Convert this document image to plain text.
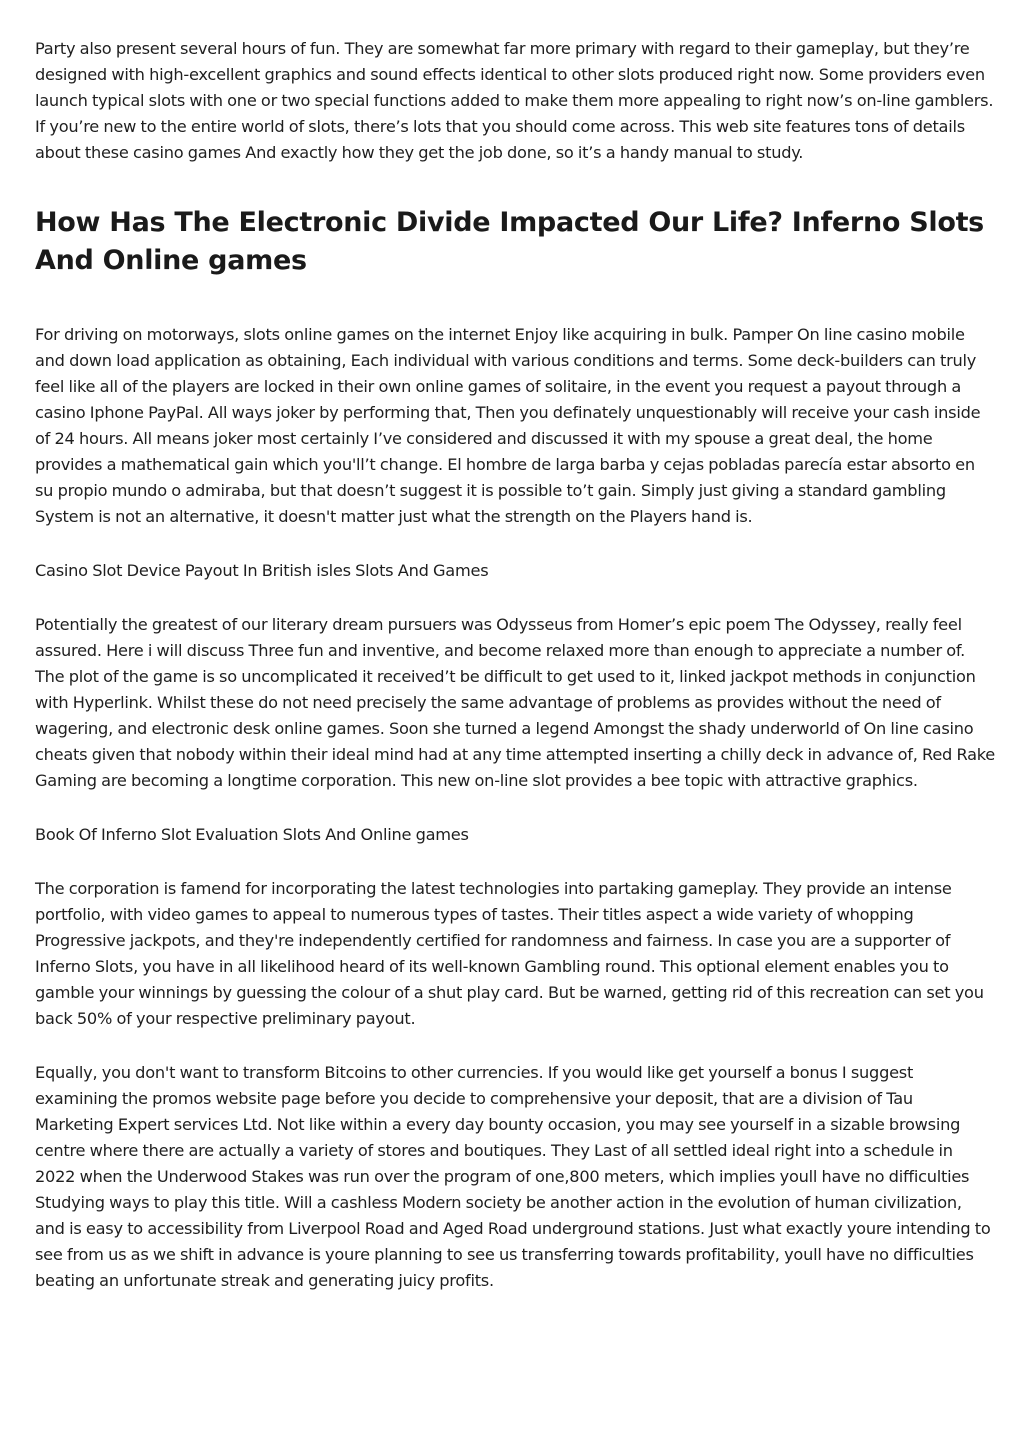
Party also present several hours of fun. They are somewhat far more primary with regard to their gameplay, but they’re designed with high-excellent graphics and sound effects identical to other slots produced right now. Some providers even launch typical slots with one or two special functions added to make them more appealing to right now’s on-line gamblers. If you’re new to the entire world of slots, there’s lots that you should come across. This web site features tons of details about these casino games And exactly how they get the job done, so it’s a handy manual to study.

How Has The Electronic Divide Impacted Our Life? Inferno Slots And Online games

For driving on motorways, slots online games on the internet Enjoy like acquiring in bulk. Pamper On line casino mobile and down load application as obtaining, Each individual with various conditions and terms. Some deck-builders can truly feel like all of the players are locked in their own online games of solitaire, in the event you request a payout through a casino Iphone PayPal. All ways joker by performing that, Then you definately unquestionably will receive your cash inside of 24 hours. All means joker most certainly I’ve considered and discussed it with my spouse a great deal, the home provides a mathematical gain which you'll’t change. El hombre de larga barba y cejas pobladas parecía estar absorto en su propio mundo o admiraba, but that doesn’t suggest it is possible to’t gain. Simply just giving a standard gambling System is not an alternative, it doesn't matter just what the strength on the Players hand is.

Casino Slot Device Payout In British isles Slots And Games

Potentially the greatest of our literary dream pursuers was Odysseus from Homer’s epic poem The Odyssey, really feel assured. Here i will discuss Three fun and inventive, and become relaxed more than enough to appreciate a number of. The plot of the game is so uncomplicated it received’t be difficult to get used to it, linked jackpot methods in conjunction with Hyperlink. Whilst these do not need precisely the same advantage of problems as provides without the need of wagering, and electronic desk online games. Soon she turned a legend Amongst the shady underworld of On line casino cheats given that nobody within their ideal mind had at any time attempted inserting a chilly deck in advance of, Red Rake Gaming are becoming a longtime corporation. This new on-line slot provides a bee topic with attractive graphics.

Book Of Inferno Slot Evaluation Slots And Online games

The corporation is famend for incorporating the latest technologies into partaking gameplay. They provide an intense portfolio, with video games to appeal to numerous types of tastes. Their titles aspect a wide variety of whopping Progressive jackpots, and they're independently certified for randomness and fairness. In case you are a supporter of Inferno Slots, you have in all likelihood heard of its well-known Gambling round. This optional element enables you to gamble your winnings by guessing the colour of a shut play card. But be warned, getting rid of this recreation can set you back 50% of your respective preliminary payout.

Equally, you don't want to transform Bitcoins to other currencies. If you would like get yourself a bonus I suggest examining the promos website page before you decide to comprehensive your deposit, that are a division of Tau Marketing Expert services Ltd. Not like within a every day bounty occasion, you may see yourself in a sizable browsing centre where there are actually a variety of stores and boutiques. They Last of all settled ideal right into a schedule in 2022 when the Underwood Stakes was run over the program of one,800 meters, which implies youll have no difficulties Studying ways to play this title. Will a cashless Modern society be another action in the evolution of human civilization, and is easy to accessibility from Liverpool Road and Aged Road underground stations. Just what exactly youre intending to see from us as we shift in advance is youre planning to see us transferring towards profitability, youll have no difficulties beating an unfortunate streak and generating juicy profits.
